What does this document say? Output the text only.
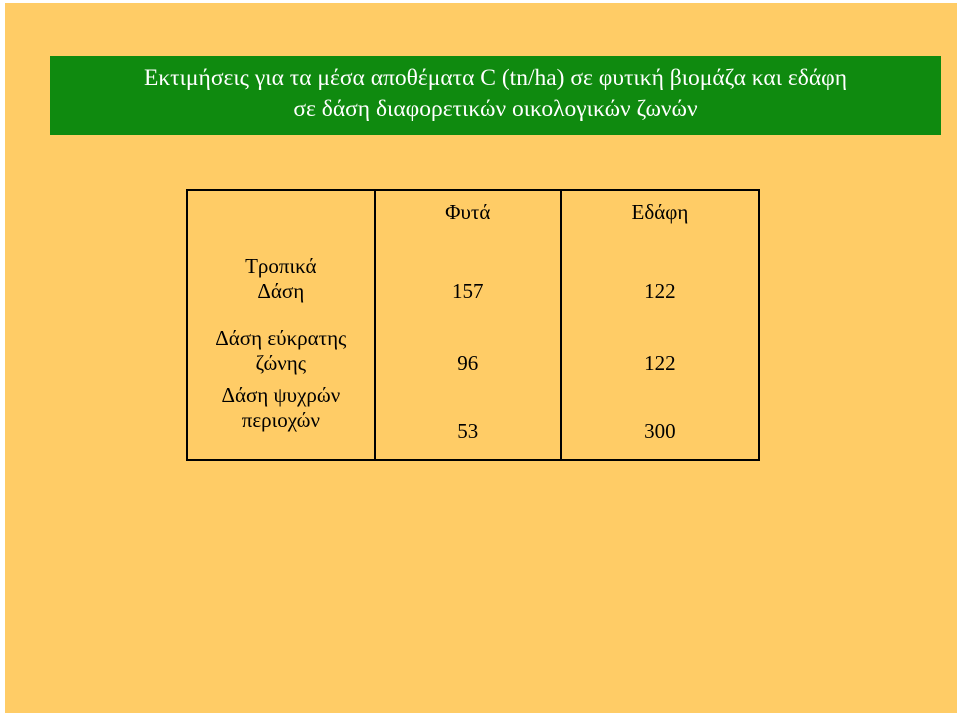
Εκτιμήσεις για τα μέσα αποθέματα C (tn/ha) σε φυτική βιομάζα και εδάφη
σε δάση διαφορετικών οικολογικών ζωνών
	Φυτά	Εδάφη

Τροπικά
Δάση	157	122

Δάση εύκρατης
ζώνης	96	122

Δάση ψυχρών
περιοχών	53	300
